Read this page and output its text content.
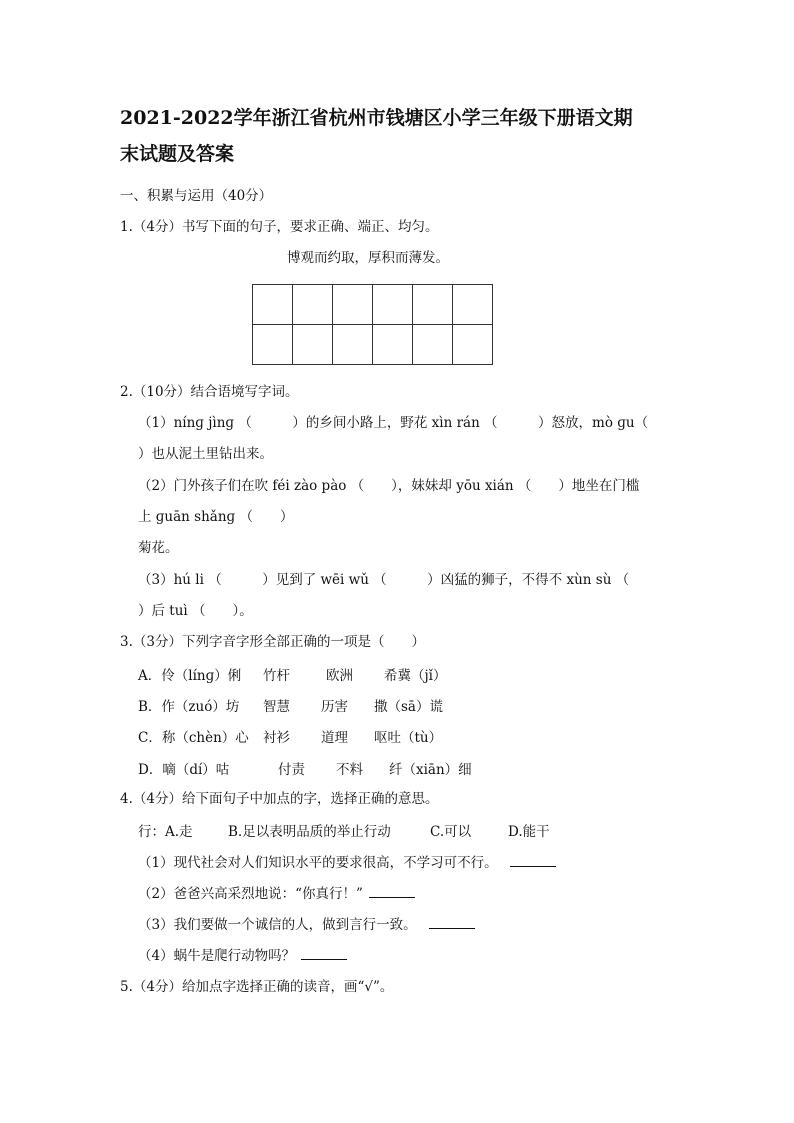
2021-2022学年浙江省杭州市钱塘区小学三年级下册语文期
末试题及答案

一、积累与运用（40分）

1.（4分）书写下面的句子，要求正确、端正、均匀。

博观而约取，厚积而薄发。

2.（10分）结合语境写字词。

（1）nínɡ jìnɡ （　　　）的乡间小路上，野花 xìn rán （　　　）怒放，mò ɡu（

）也从泥土里钻出来。

（2）门外孩子们在吹 féi zào pào （　　），妹妹却 yōu xián （　　）地坐在门槛

上 ɡuān shǎnɡ （　　）

菊花。

（3）hú li （　　　）见到了 wēi wǔ （　　　）凶猛的狮子，不得不 xùn sù （

）后 tuì （　　）。

3.（3分）下列字音字形全部正确的一项是（　　）

A．伶（línɡ）俐 竹杆	欧洲 希冀（jǐ）
B．作（zuó）坊 智慧 历害 撒（sā）谎
C．称（chèn）心 衬衫 道理 呕吐（tù）
D．嘀（dí）咕	付责 不料 纤（xiān）细

4.（4分）给下面句子中加点的字，选择正确的意思。

行：A.走	B.足以表明品质的举止行动	C.可以	D.能干

（1）现代社会对人们知识水平的要求很高，不学习可不行。

（2）爸爸兴高采烈地说：“你真行！”

（3）我们要做一个诚信的人，做到言行一致。

（4）蜗牛是爬行动物吗？

5.（4分）给加点字选择正确的读音，画“√”。
